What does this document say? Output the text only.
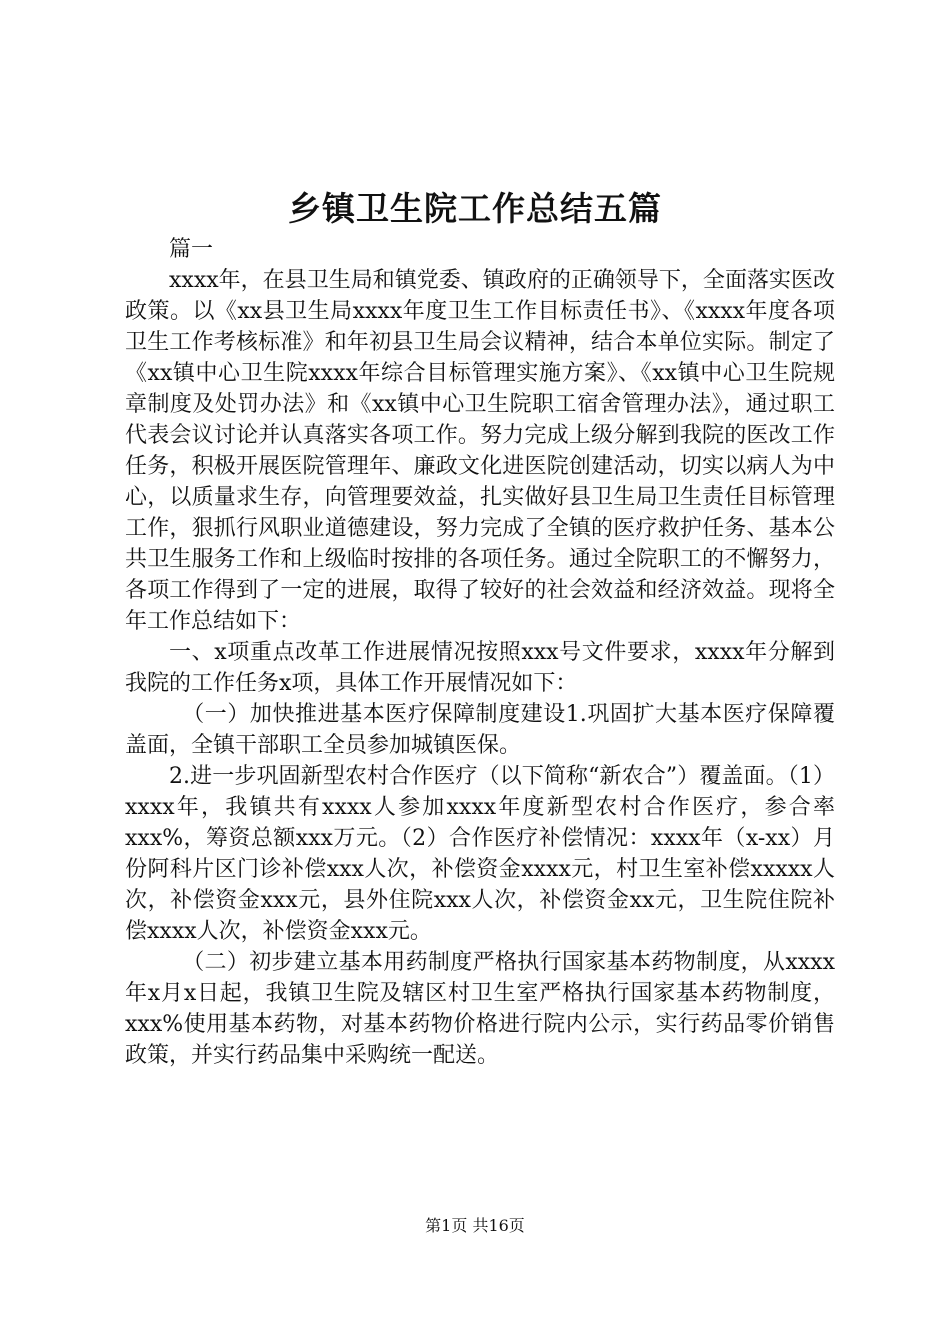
乡镇卫生院工作总结五篇

篇一

xxxx年，在县卫生局和镇党委、镇政府的正确领导下，全面落实医改政策。以《xx县卫生局xxxx年度卫生工作目标责任书》、《xxxx年度各项卫生工作考核标准》和年初县卫生局会议精神，结合本单位实际。制定了《xx镇中心卫生院xxxx年综合目标管理实施方案》、《xx镇中心卫生院规章制度及处罚办法》和《xx镇中心卫生院职工宿舍管理办法》，通过职工代表会议讨论并认真落实各项工作。努力完成上级分解到我院的医改工作任务，积极开展医院管理年、廉政文化进医院创建活动，切实以病人为中心，以质量求生存，向管理要效益，扎实做好县卫生局卫生责任目标管理工作，狠抓行风职业道德建设，努力完成了全镇的医疗救护任务、基本公共卫生服务工作和上级临时按排的各项任务。通过全院职工的不懈努力，各项工作得到了一定的进展，取得了较好的社会效益和经济效益。现将全年工作总结如下：

一、x项重点改革工作进展情况按照xxx号文件要求，xxxx年分解到我院的工作任务x项，具体工作开展情况如下：

（一）加快推进基本医疗保障制度建设1.巩固扩大基本医疗保障覆盖面，全镇干部职工全员参加城镇医保。

2.进一步巩固新型农村合作医疗（以下简称“新农合”）覆盖面。（1）xxxx年，我镇共有xxxx人参加xxxx年度新型农村合作医疗，参合率xxx%，筹资总额xxx万元。（2）合作医疗补偿情况：xxxx年（x-xx）月份阿科片区门诊补偿xxx人次，补偿资金xxxx元，村卫生室补偿xxxxx人次，补偿资金xxx元，县外住院xxx人次，补偿资金xx元，卫生院住院补偿xxxx人次，补偿资金xxx元。

（二）初步建立基本用药制度严格执行国家基本药物制度，从xxxx年x月x日起，我镇卫生院及辖区村卫生室严格执行国家基本药物制度，xxx%使用基本药物，对基本药物价格进行院内公示，实行药品零价销售政策，并实行药品集中采购统一配送。

第1页 共16页
